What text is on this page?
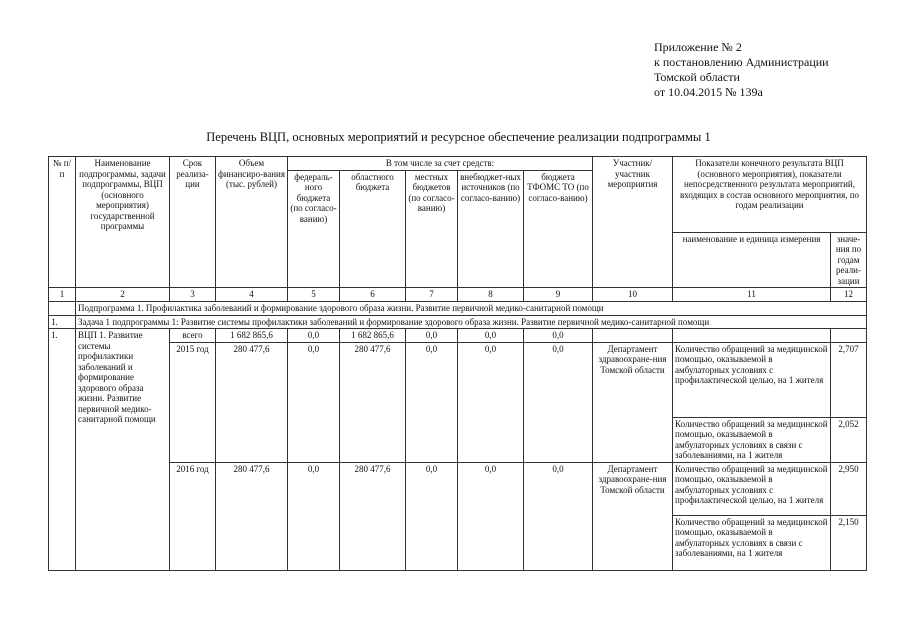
Приложение № 2
к постановлению Администрации
Томской области
от 10.04.2015 № 139а
Перечень ВЦП, основных мероприятий и ресурсное обеспечение реализации подпрограммы 1
№ п/п	Наименование подпрограммы, задачи подпрограммы, ВЦП (основного мероприятия) государственной программы	Срок реализа-ции	Объем финансиро-вания (тыс. рублей)	В том числе за счет средств:					Участник/ участник мероприятия	Показатели конечного результата ВЦП (основного мероприятия), показатели непосредственного результата мероприятий, входящих в состав основного мероприятия, по годам реализации	
				федераль-ного бюджета (по согласо-ванию)	областного бюджета	местных бюджетов (по согласо-ванию)	внебюджет-ных источников (по согласо-ванию)	бюджета ТФОМС ТО (по согласо-ванию)			
										наименование и единица измерения	значе-ния по годам реали-зации
1	2	3	4	5	6	7	8	9	10	11	12
	Подпрограмма 1. Профилактика заболеваний и формирование здорового образа жизни. Развитие первичной медико-санитарной помощи										
1.	Задача 1 подпрограммы 1: Развитие системы профилактики заболеваний и формирование здорового образа жизни. Развитие первичной медико-санитарной помощи										
1.	ВЦП 1. Развитие системы профилактики заболеваний и формирование здорового образа жизни. Развитие первичной медико-санитарной помощи	всего	1 682 865,6	0,0	1 682 865,6	0,0	0,0	0,0			
		2015 год	280 477,6	0,0	280 477,6	0,0	0,0	0,0	Департамент здравоохране-ния Томской области	Количество обращений за медицинской помощью, оказываемой в амбулаторных условиях с профилактической целью, на 1 жителя	2,707
										Количество обращений за медицинской помощью, оказываемой в амбулаторных условиях в связи с заболеваниями, на 1 жителя	2,052
		2016 год	280 477,6	0,0	280 477,6	0,0	0,0	0,0	Департамент здравоохране-ния Томской области	Количество обращений за медицинской помощью, оказываемой в амбулаторных условиях с профилактической целью, на 1 жителя	2,950
										Количество обращений за медицинской помощью, оказываемой в амбулаторных условиях в связи с заболеваниями, на 1 жителя	2,150
